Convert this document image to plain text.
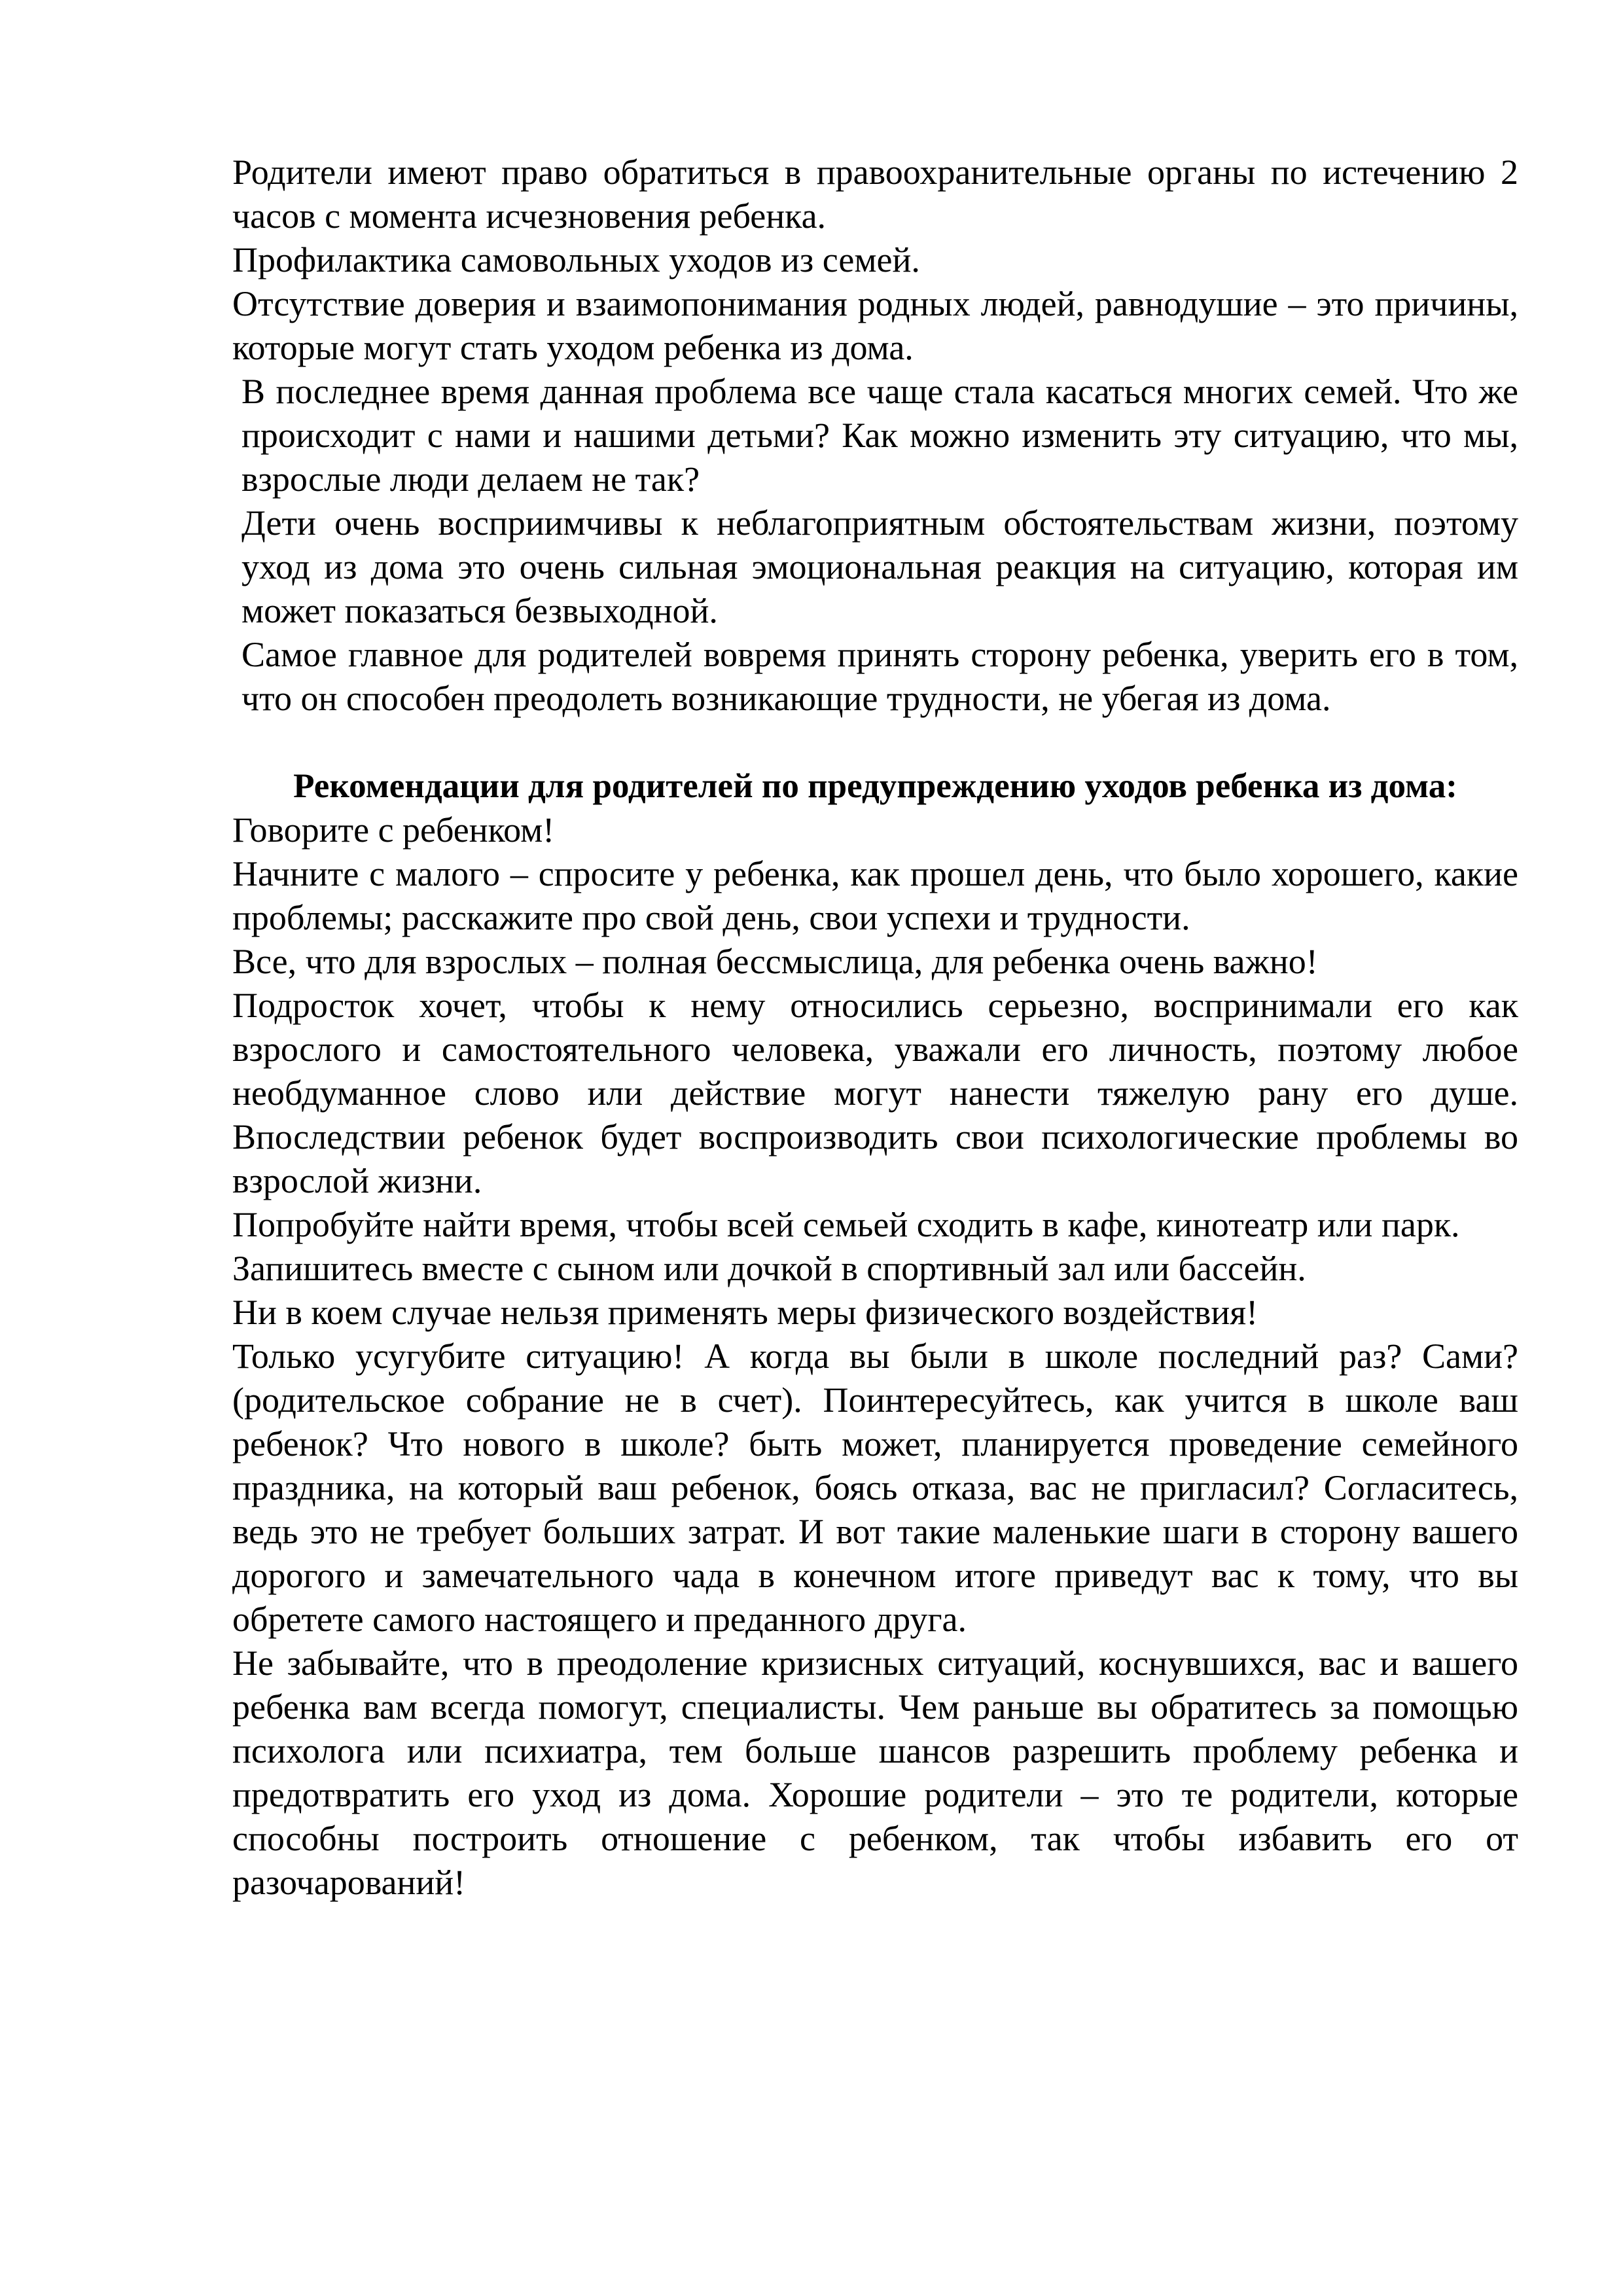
Родители имеют право обратиться в правоохранительные органы по истечению 2 часов с момента исчезновения ребенка.

Профилактика самовольных уходов из семей.

Отсутствие доверия и взаимопонимания родных людей, равнодушие – это причины, которые могут стать уходом ребенка из дома.

В последнее время данная проблема все чаще стала касаться многих семей. Что же происходит с нами и нашими детьми? Как можно изменить эту ситуацию, что мы, взрослые люди делаем не так?

Дети очень восприимчивы к неблагоприятным обстоятельствам жизни, поэтому уход из дома это очень сильная эмоциональная реакция на ситуацию, которая им может показаться безвыходной.

Самое главное для родителей вовремя принять сторону ребенка, уверить его в том, что он способен преодолеть возникающие трудности, не убегая из дома.

Рекомендации для родителей по предупреждению уходов ребенка из дома:

Говорите с ребенком!

Начните с малого – спросите у ребенка, как прошел день, что было хорошего, какие проблемы; расскажите про свой день, свои успехи и трудности.

Все, что для взрослых – полная бессмыслица, для ребенка очень важно!

Подросток хочет, чтобы к нему относились серьезно, воспринимали его как взрослого и самостоятельного человека, уважали его личность, поэтому любое необдуманное слово или действие могут нанести тяжелую рану его душе. Впоследствии ребенок будет воспроизводить свои психологические проблемы во взрослой жизни.

Попробуйте найти время, чтобы всей семьей сходить в кафе, кинотеатр или парк.

Запишитесь вместе с сыном или дочкой в спортивный зал или бассейн.

Ни в коем случае нельзя применять меры физического воздействия!

Только усугубите ситуацию! А когда вы были в школе последний раз? Сами? (родительское собрание не в счет). Поинтересуйтесь, как учится в школе ваш ребенок? Что нового в школе? быть может, планируется проведение семейного праздника, на который ваш ребенок, боясь отказа, вас не пригласил? Согласитесь, ведь это не требует больших затрат. И вот такие маленькие шаги в сторону вашего дорогого и замечательного чада в конечном итоге приведут вас к тому, что вы обретете самого настоящего и преданного друга.

Не забывайте, что в преодоление кризисных ситуаций, коснувшихся, вас и вашего ребенка вам всегда помогут, специалисты. Чем раньше вы обратитесь за помощью психолога или психиатра, тем больше шансов разрешить проблему ребенка и предотвратить его уход из дома. Хорошие родители – это те родители, которые способны построить отношение с ребенком, так чтобы избавить его от разочарований!
